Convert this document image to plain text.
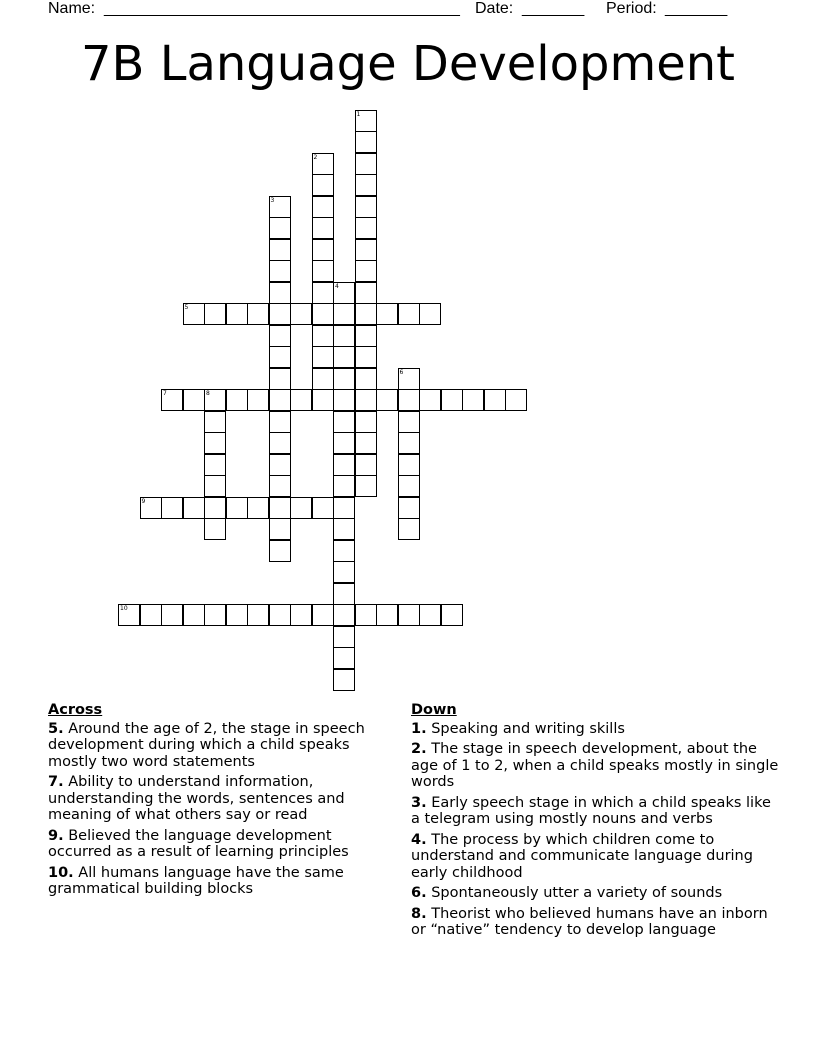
Name:

________________________________________

Date:

_______

Period:

_______

7B Language Development
1
2
3
4
5
6
7	8
9
10
Across
5. Around the age of 2, the stage in speech development during which a child speaks mostly two word statements
7. Ability to understand information, understanding the words, sentences and meaning of what others say or read
9. Believed the language development occurred as a result of learning principles
10. All humans language have the same grammatical building blocks
Down
1. Speaking and writing skills
2. The stage in speech development, about the age of 1 to 2, when a child speaks mostly in single words
3. Early speech stage in which a child speaks like a telegram using mostly nouns and verbs
4. The process by which children come to understand and communicate language during early childhood
6. Spontaneously utter a variety of sounds
8. Theorist who believed humans have an inborn or “native” tendency to develop language
